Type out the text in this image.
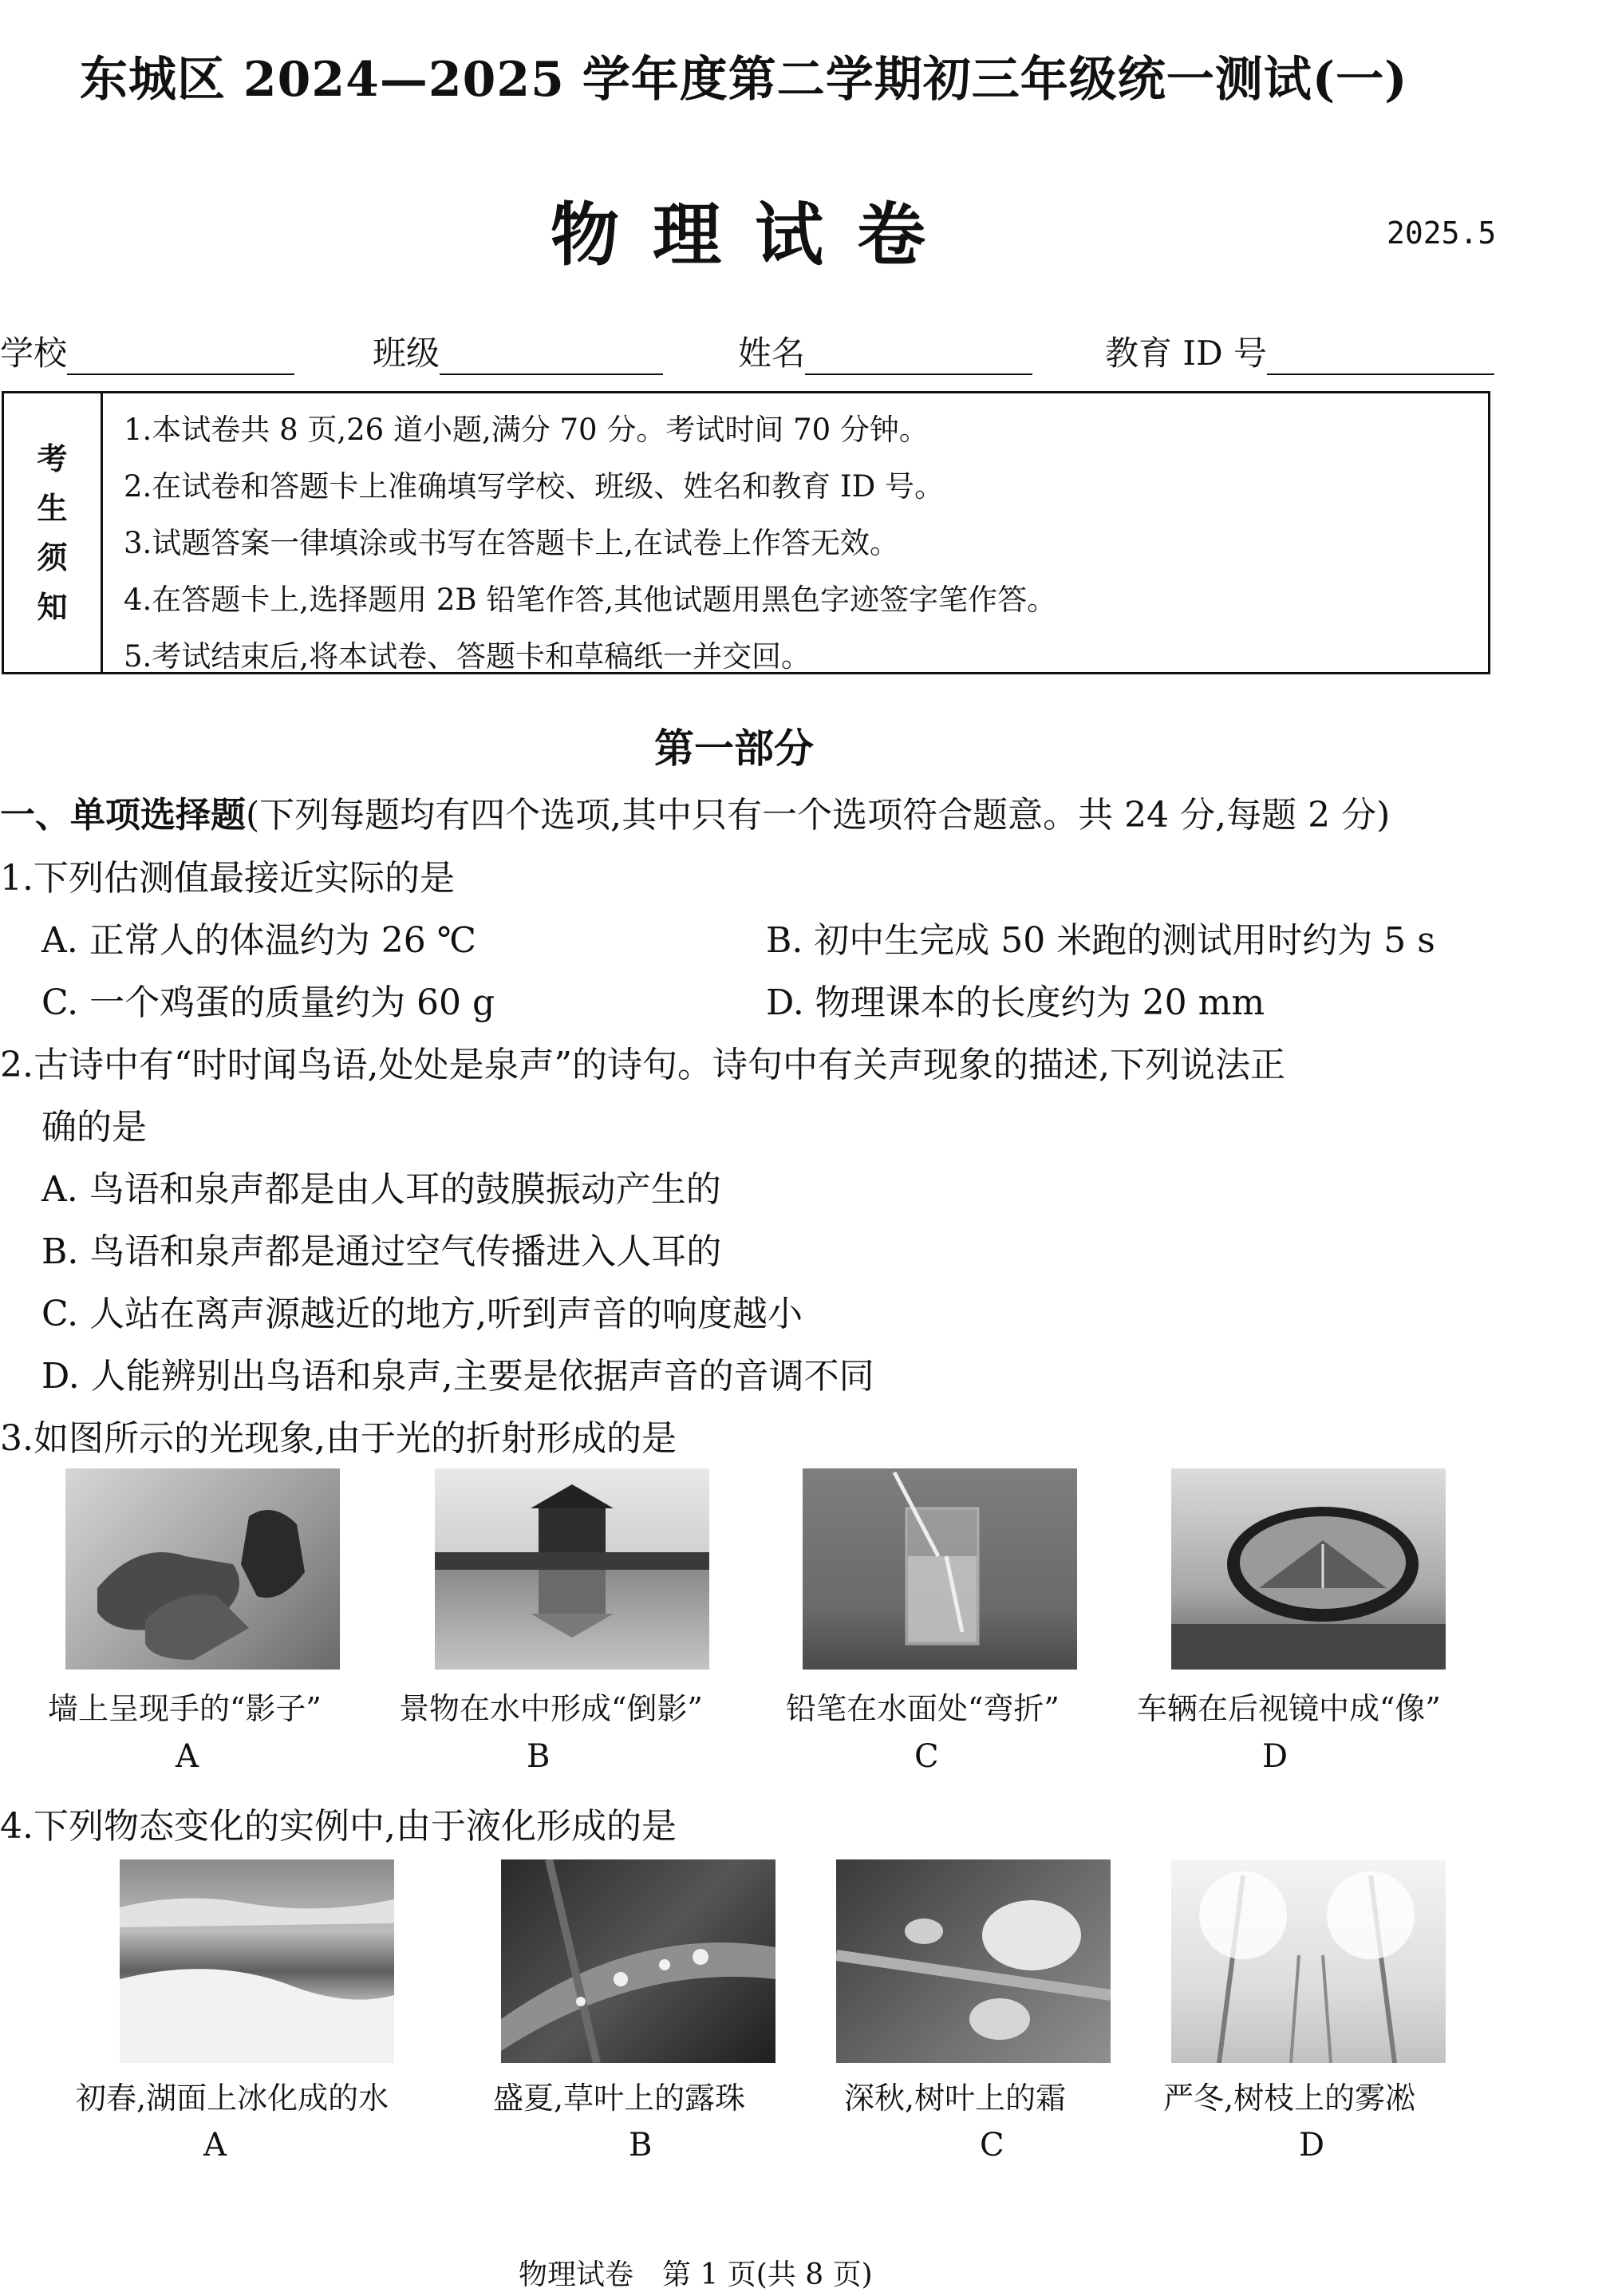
东城区 2024—2025 学年度第二学期初三年级统一测试(一)
物理试卷	2025.5
学校	班级	姓名	教育 ID 号
考
生
须
知
1.本试卷共 8 页,26 道小题,满分 70 分。考试时间 70 分钟。
2.在试卷和答题卡上准确填写学校、班级、姓名和教育 ID 号。
3.试题答案一律填涂或书写在答题卡上,在试卷上作答无效。
4.在答题卡上,选择题用 2B 铅笔作答,其他试题用黑色字迹签字笔作答。
5.考试结束后,将本试卷、答题卡和草稿纸一并交回。
第一部分
一、单项选择题(下列每题均有四个选项,其中只有一个选项符合题意。共 24 分,每题 2 分)
1.下列估测值最接近实际的是
A. 正常人的体温约为 26 ℃	B. 初中生完成 50 米跑的测试用时约为 5 s
C. 一个鸡蛋的质量约为 60 g	D. 物理课本的长度约为 20 mm
2.古诗中有“时时闻鸟语,处处是泉声”的诗句。诗句中有关声现象的描述,下列说法正
确的是
A. 鸟语和泉声都是由人耳的鼓膜振动产生的
B. 鸟语和泉声都是通过空气传播进入人耳的
C. 人站在离声源越近的地方,听到声音的响度越小
D. 人能辨别出鸟语和泉声,主要是依据声音的音调不同
3.如图所示的光现象,由于光的折射形成的是
墙上呈现手的“影子”
A
景物在水中形成“倒影”
B
铅笔在水面处“弯折”
C
车辆在后视镜中成“像”
D
4.下列物态变化的实例中,由于液化形成的是
初春,湖面上冰化成的水
A
盛夏,草叶上的露珠
B
深秋,树叶上的霜
C
严冬,树枝上的雾凇
D
物理试卷　第 1 页(共 8 页)
